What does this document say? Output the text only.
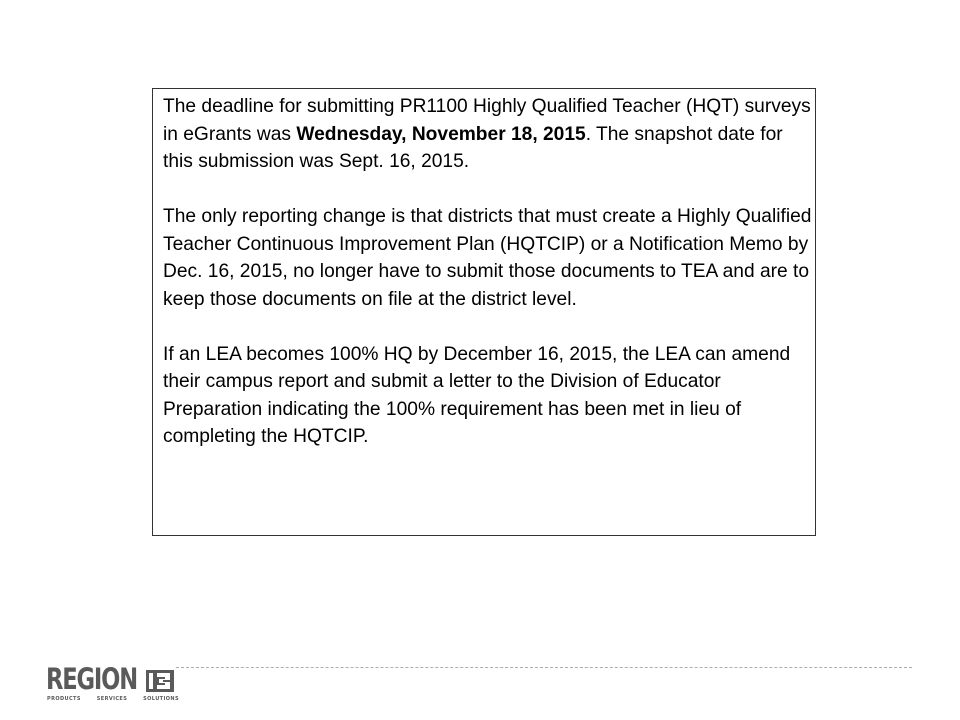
The deadline for submitting PR1100 Highly Qualified Teacher (HQT) surveys in eGrants was Wednesday, November 18, 2015. The snapshot date for this submission was Sept. 16, 2015.

The only reporting change is that districts that must create a Highly Qualified Teacher Continuous Improvement Plan (HQTCIP) or a Notification Memo by Dec. 16, 2015, no longer have to submit those documents to TEA and are to keep those documents on file at the district level.

If an LEA becomes 100% HQ by December 16, 2015, the LEA can amend their campus report and submit a letter to the Division of Educator Preparation indicating the 100% requirement has been met in lieu of completing the HQTCIP.

REGION
PRODUCTS	SERVICES	SOLUTIONS
